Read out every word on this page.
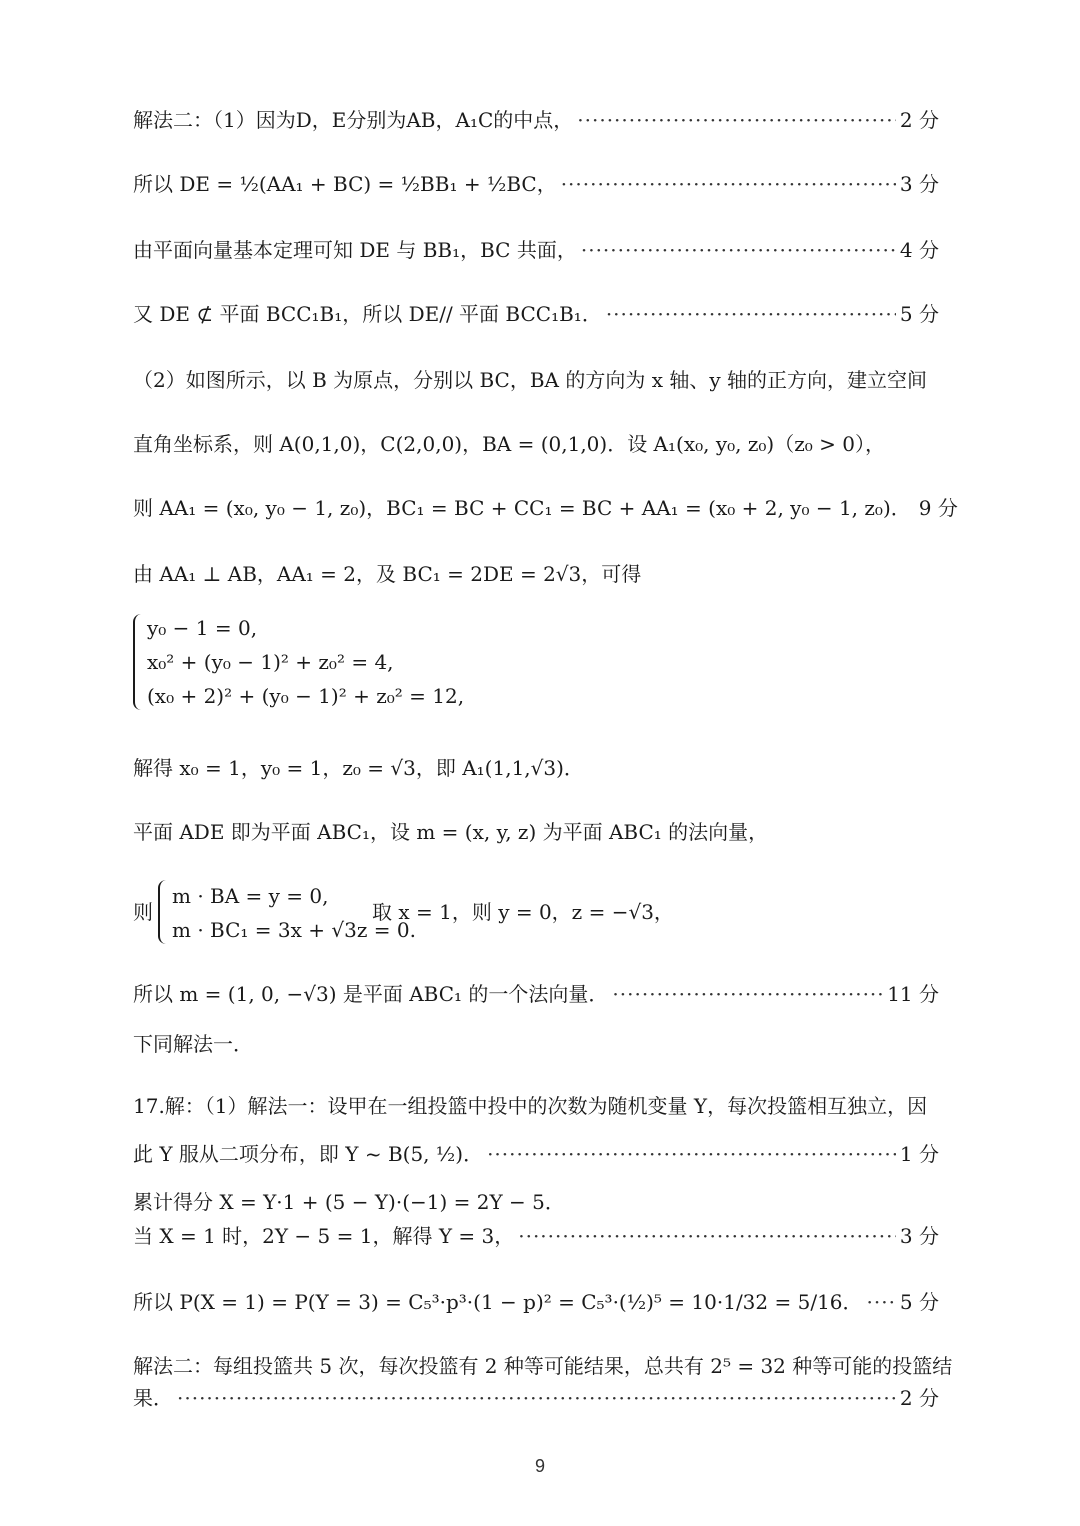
解法二：（1）因为D，E分别为AB，A₁C的中点， ·····	2 分
所以 DE = ½(AA₁ + BC) = ½BB₁ + ½BC， ·····	3 分
由平面向量基本定理可知 DE 与 BB₁，BC 共面， ·····	4 分
又 DE ⊄ 平面 BCC₁B₁，所以 DE// 平面 BCC₁B₁． ·····	5 分
（2）如图所示，以 B 为原点，分别以 BC，BA 的方向为 x 轴、y 轴的正方向，建立空间
直角坐标系，则 A(0,1,0)，C(2,0,0)，BA = (0,1,0)．设 A₁(x₀, y₀, z₀)（z₀ > 0），
则 AA₁ = (x₀, y₀ − 1, z₀)，BC₁ = BC + CC₁ = BC + AA₁ = (x₀ + 2, y₀ − 1, z₀)． 9 分
由 AA₁ ⊥ AB，AA₁ = 2，及 BC₁ = 2DE = 2√3，可得
y₀ − 1 = 0,
x₀² + (y₀ − 1)² + z₀² = 4,
(x₀ + 2)² + (y₀ − 1)² + z₀² = 12,
解得 x₀ = 1，y₀ = 1，z₀ = √3，即 A₁(1,1,√3)．
平面 ADE 即为平面 ABC₁，设 m = (x, y, z) 为平面 ABC₁ 的法向量，
则
m · BA = y = 0,
m · BC₁ = 3x + √3z = 0.
取 x = 1，则 y = 0，z = −√3，
所以 m = (1, 0, −√3) 是平面 ABC₁ 的一个法向量． ·····	11 分
下同解法一．
17.解：（1）解法一：设甲在一组投篮中投中的次数为随机变量 Y，每次投篮相互独立，因
此 Y 服从二项分布，即 Y ~ B(5, ½)． ·····	1 分
累计得分 X = Y·1 + (5 − Y)·(−1) = 2Y − 5．
当 X = 1 时，2Y − 5 = 1，解得 Y = 3， ·····	3 分
所以 P(X = 1) = P(Y = 3) = C₅³·p³·(1 − p)² = C₅³·(½)⁵ = 10·1/32 = 5/16． ····· 5 分
解法二：每组投篮共 5 次，每次投篮有 2 种等可能结果，总共有 2⁵ = 32 种等可能的投篮结
果． ·····	2 分
9
